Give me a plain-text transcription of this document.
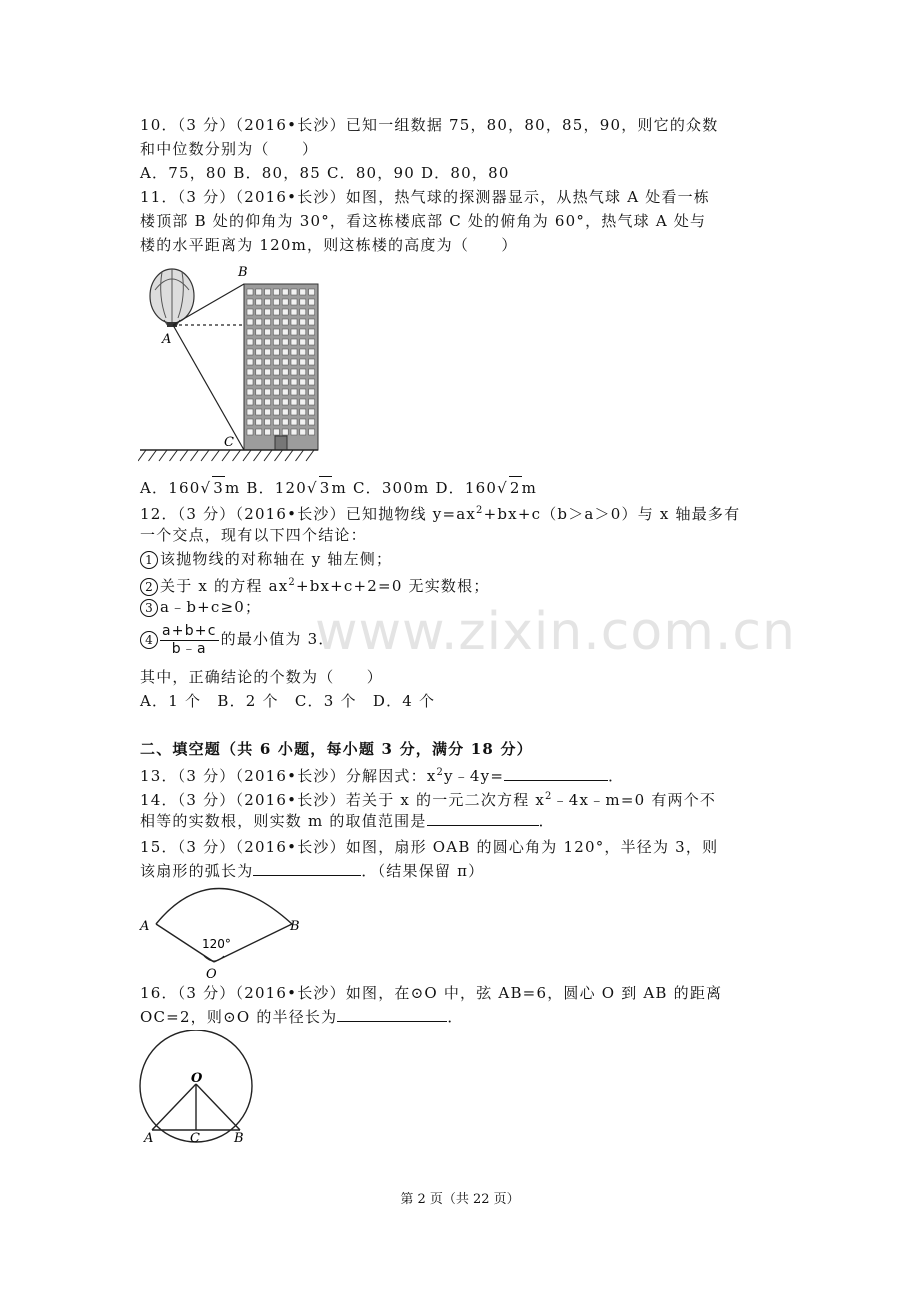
www.zixin.com.cn
10．（3 分）（2016•长沙）已知一组数据 75，80，80，85，90，则它的众数
和中位数分别为（　　）
A．75，80 B．80，85 C．80，90 D．80，80
11．（3 分）（2016•长沙）如图，热气球的探测器显示，从热气球 A 处看一栋
楼顶部 B 处的仰角为 30°，看这栋楼底部 C 处的俯角为 60°，热气球 A 处与
楼的水平距离为 120m，则这栋楼的高度为（　　）
A
B
C
A．160√ 3m B．120√ 3m C．300m D．160√ 2m
12．（3 分）（2016•长沙）已知抛物线 $y=ax^2+bx+c(b>a>0)$与 x 轴最多有
一个交点，现有以下四个结论：
1 该抛物线的对称轴在 y 轴左侧；
2 关于 x 的方程 $ax^2+bx+c+2=0$ 无实数根；
3 a﹣b+c≥0；
$4 \frac{a+b+c}{b﹣a}$ 的最小值为 3．
其中，正确结论的个数为（　　）
A．1 个　B．2 个　C．3 个　D．4 个
二、填空题（共 6 小题，每小题 3 分，满分 18 分）
13．（3 分）（2016•长沙）分解因式：$x^2y﹣4y=$	．
14．（3 分）（2016•长沙）若关于 x 的一元二次方程 $x^2﹣4x﹣m=0$ 有两个不
相等的实数根，则实数 m 的取值范围是	．
15．（3 分）（2016•长沙）如图，扇形 OAB 的圆心角为 120°，半径为 3，则
该扇形的弧长为	．（结果保留 π）
A	B
O
120°
16．（3 分）（2016•长沙）如图，在⊙O 中，弦 AB=6，圆心 O 到 AB 的距离
OC=2，则⊙O 的半径长为	．
O
A	C	B
第 2 页（共 22 页）
